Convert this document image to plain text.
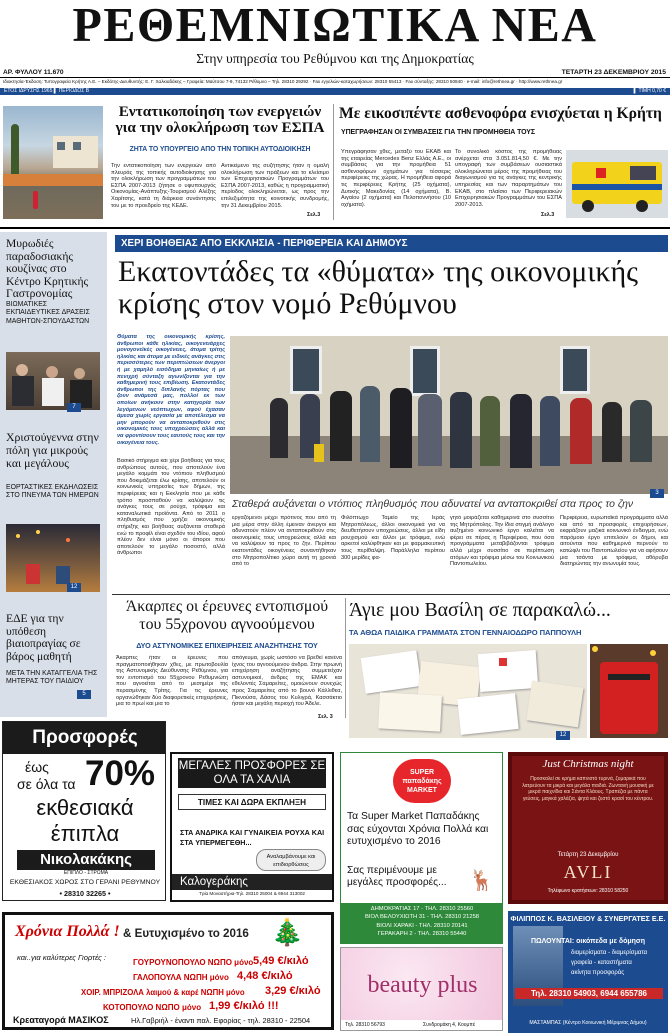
ΡΕΘΕΜΝΙΩΤΙΚΑ ΝΕΑ
Στην υπηρεσία του Ρεθύμνου και της Δημοκρατίας
ΑΡ. ΦΥΛΛΟΥ 11.670	ΤΕΤΑΡΤΗ 23 ΔΕΚΕΜΒΡΙΟΥ 2015
Ιδιοκτησία-Έκδοση: Τυπογραφεία Κρήτης Α.Ε. – Εκδότης-Διευθυντής: Ε. Γ. Χαλκιαδάκης – Γραφεία: Μαύτσου 7-9, 74132 Ρέθυμνο – Τηλ. 28310 29292 · Fax εγγελιών-καταχωρήσεων: 28310 55413 · Fax σύνταξης: 28310 50840 · e-mail: info@rethnea.gr · http://www.rethnea.gr
ΕΤΟΣ ΙΔΡΥΣΗΣ 1965 ▌ ΠΕΡΙΟΔΟΣ Β	▌ ΤΙΜΗ 0,70 €
Εντατικοποίηση των ενεργειών για την ολοκλήρωση των ΕΣΠΑ
ΖΗΤΑ ΤΟ ΥΠΟΥΡΓΕΙΟ ΑΠΟ ΤΗΝ ΤΟΠΙΚΗ ΑΥΤΟΔΙΟΙΚΗΣΗ
Την εντατικοποίηση των ενεργειών από πλευράς της τοπικής αυτοδιοίκησης για την ολοκλήρωση των προγραμμάτων του ΕΣΠΑ 2007-2013 ζήτησε ο υφυπουργός Οικονομίας-Ανάπτυξης-Τουρισμού Αλέξης Χαρίτσης, κατά τη διάρκεια συνάντησης του με το προεδρείο της ΚΕΔΕ.
Αντικείμενο της συζήτησης ήταν η ομαλή ολοκλήρωση των πράξεων και το κλείσιμο των Επιχειρησιακών Προγραμμάτων του ΕΣΠΑ 2007-2013, καθώς η προγραμματική περίοδος ολοκληρώνεται, ως προς την επιλεξιμότητα της κοινοτικής συνδρομής, την 31 Δεκεμβρίου 2015.
Σελ.3
Με εικοσιπέντε ασθενοφόρα ενισχύεται η Κρήτη
ΥΠΕΓΡΑΦΗΣΑΝ ΟΙ ΣΥΜΒΑΣΕΙΣ ΓΙΑ ΤΗΝ ΠΡΟΜΗΘΕΙΑ ΤΟΥΣ
Υπεγράφησαν χθες, μεταξύ του ΕΚΑΒ και της εταιρείας Mercedes Benz Ελλάς Α.Ε., οι συμβάσεις για την προμήθεια 51 ασθενοφόρων οχημάτων για τέσσερις περιφέρειες της χώρας. Η προμήθεια αφορά τις περιφέρειες Κρήτης (25 οχήματα), Δυτικής Μακεδονίας (14 οχήματα), Β. Αιγαίου (2 οχήματα) και Πελοποννήσου (10 οχήματα).
Το συνολικό κόστος της προμήθειας ανέρχεται στα 3.051.814,50 €. Με την υπογραφή των συμβάσεων ουσιαστικά ολοκληρώνεται μέρος της προμήθειας του διαγωνισμού για τις ανάγκες της κεντρικής υπηρεσίας και των παραρτημάτων του ΕΚΑΒ, στο πλαίσιο των Περιφερειακών Επιχειρησιακών Προγραμμάτων του ΕΣΠΑ 2007-2013.
Σελ.3
Μυρωδιές παραδοσιακής κουζίνας στο Κέντρο Κρητικής Γαστρονομίας
ΒΙΩΜΑΤΙΚΕΣ ΕΚΠΑΙΔΕΥΤΙΚΕΣ ΔΡΑΣΕΙΣ ΜΑΘΗΤΩΝ-ΣΠΟΥΔΑΣΤΩΝ
7
Χριστούγεννα στην πόλη για μικρούς και μεγάλους
ΕΟΡΤΑΣΤΙΚΕΣ ΕΚΔΗΛΩΣΕΙΣ ΣΤΟ ΠΝΕΥΜΑ ΤΩΝ ΗΜΕΡΩΝ
12
ΕΔΕ για την υπόθεση βιαιοπραγίας σε βάρος μαθητή
ΜΕΤΑ ΤΗΝ ΚΑΤΑΓΓΕΛΙΑ ΤΗΣ ΜΗΤΕΡΑΣ ΤΟΥ ΠΑΙΔΙΟΥ
5
ΧΕΡΙ ΒΟΗΘΕΙΑΣ ΑΠΟ ΕΚΚΛΗΣΙΑ - ΠΕΡΙΦΕΡΕΙΑ ΚΑΙ ΔΗΜΟΥΣ
Εκατοντάδες τα «θύματα» της οικονομικής κρίσης στον νομό Ρεθύμνου
Θύματα της οικονομικής κρίσης, άνθρωποι κάθε ηλικίας, οικογενειάρχες μονογονεϊκές οικογένειες, άτομα τρίτης ηλικίας και άτομα με ειδικές ανάγκες στις περισσότερες των περιπτώσεων άνεργοι ή με χαμηλό εισόδημα μηνιαίως ή με πενιχρή σύνταξη αγωνίζονται για την καθημερινή τους επιβίωση. Εκατοντάδες άνθρωποι της διπλανής πόρτας που ζουν ανάμεσά μας, πολλοί εκ των οποίων ανήκουν στην κατηγορία των λεγόμενων νεόπτωχων, αφού έχασαν άμεσα χωρίς εργασία με αποτέλεσμα να μην μπορούν να ανταποκριθούν στις οικονομικές τους υποχρεώσεις αλλά και να φροντίσουν τους εαυτούς τους και την οικογένεια τους.
Βασικό στήριγμα και χέρι βοήθειας για τους ανθρώπους αυτούς, που αποτελούν ένα μεγάλο κομμάτι του ντόπιου πληθυσμού που δοκιμάζεται έλω κρίσης, αποτελούν οι κοινωνικές υπηρεσίες των δήμων, της περιφέρειας και η Εκκλησία που με κάθε τρόπο προσπαθούν να καλύψουν τις ανάγκες τους σε ρούχα, τρόφιμα και καταναλωτικά προϊόντα. Από το 2011 ο πληθυσμός που χρήζει οικονομικής στήριξης και βοήθειας αυξάνεται σταθερά ενώ το προφίλ είναι σχεδόν του ιδίου, αφού πλέον δεν είναι μόνο οι άποροι που αποτελούν το μεγάλο ποσοστό, αλλά άνθρωποι
Σταθερά αυξάνεται ο ντόπιος πληθυσμός που αδυνατεί να ανταποκριθεί στα προς το ζην
3
εργαζόμενοι μέχρι πρότινος που από τη μια μέρα στην άλλη έμειναν άνεργοι και αδυνατούν πλέον να ανταποκριθούν στις οικονομικές τους υποχρεώσεις αλλά και να καλύψουν τα προς το ζην. Περίπου εκατοντάδες οικογένειες συναντήθηκαν στο Μητροπολίτικο χώρο αυτή τη χρονιά από το
Φιλόπτωχο Ταμείο της Ιεράς Μητροπόλεως, άλλοι οικονομικά για να διευθετήσουν υποχρεώσεις, άλλοι με είδη ρουχισμού και άλλοι με τρόφιμα, ενώ αρκετοί καλύφθηκαν και με φαρμακευτική τους περίθαλψη. Παράλληλα περίπου 300 μερίδες φα-
γητό μοιράζεται καθημερινά στο συσσίτιο της Μητρόπολης. Την ίδια στιγμή ανάλογο αυξημένο κοινωνικό έργο καλείται να φέρει σε πέρας η Περιφέρεια, που όσα προγράμματα μεταβιβάζονται τρόφιμα αλλά μέχρι συσσίτιο σε περίπτωση ατόμων και τρόφιμα μέσω του Κοινωνικού Παντοπωλείου.
Περιφέρεια, ευρωπαϊκά προγράμματα αλλά και από τα προσφορές επιχειρήσεων, εκφράζουν μαζικά κοινωνικό ένδειγμα, ενώ παρόμοιο έργο επιτελούν οι δήμοι, και αιτούνται που καθημερινά περνούν το κατώφλι του Παντοπωλείου για να αφήσουν μια τσάντα με τρόφιμα, αθόρυβα διατηρώντας την ανωνυμία τους.
Άκαρπες οι έρευνες εντοπισμού του 55χρονου αγνοούμενου
ΔΥΟ ΑΣΤΥΝΟΜΙΚΕΣ ΕΠΙΧΕΙΡΗΣΕΙΣ ΑΝΑΖΗΤΗΣΗΣ ΤΟΥ
Άκαρπες ήταν οι έρευνες που πραγματοποιήθηκαν χθες, με πρωτοβουλία της Αστυνομικής Διεύθυνσης Ρεθύμνου, για τον εντοπισμό του 55χρονου Ρεθυμνιώτη που αγνοείται από το μεσημέρι της περασμένης Τρίτης. Για τις έρευνες οργανώθηκαν δύο διαφορετικές επιχειρήσεις, μια το πρωί και μια το
απόγευμα, χωρίς ωστόσο να βρεθεί κανένα ίχνος του αγνοούμενου άνδρα. Στην πρωινή επιχείρηση αναζήτησης συμμετείχαν αστυνομικοί, άνδρες της ΕΜΑΚ και εθελοντές Σαμαρείτες, ομοιώνουν συνεχώς προς Σαμαρείτες από το βουνό Κάλλιθεα, Πικνούσα, Δάσος του Κυλιγρά, Κασσάκτιο ήσαν και μεγάλη περιοχή του Άδελε.
Σελ. 3
Άγιε μου Βασίλη σε παρακαλώ...
ΤΑ ΑΘΩΑ ΠΑΙΔΙΚΑ ΓΡΑΜΜΑΤΑ ΣΤΟΝ ΓΕΝΝΑΙΟΔΩΡΟ ΠΑΠΠΟΥΛΗ
12
Προσφορές
έως
σε όλα τα 70%
εκθεσιακά
έπιπλα
Νικολακάκης
ΕΠΙΠΛΟ - ΣΤΡΩΜΑ
ΕΚΘΕΣΙΑΚΟΣ ΧΩΡΟΣ ΣΤΟ ΓΕΡΑΝΙ ΡΕΘΥΜΝΟΥ
• 28310 32265 •
ΜΕΓΑΛΕΣ ΠΡΟΣΦΟΡΕΣ ΣΕ ΟΛΑ ΤΑ ΧΑΛΙΑ
ΤΙΜΕΣ ΚΑΙ ΔΩΡΑ ΕΚΠΛΗΞΗ
ΣΤΑ ΑΝΔΡΙΚΑ ΚΑΙ ΓΥΝΑΙΚΕΙΑ ΡΟΥΧΑ ΚΑΙ ΣΤΑ ΥΠΕΡΜΕΓΕΘΗ...
Αναλαμβάνουμε και επιδιορθώσεις
Καλογεράκης
Τρία Μοναστήρια-Τηλ. 28310 25004 & 6944 313002
SUPER παπαδάκης MARKET
Τα Super Market Παπαδάκης σας εύχονται Χρόνια Πολλά και ευτυχισμένο το 2016
Σας περιμένουμε με μεγάλες προσφορές...	🦌
ΔΗΜΟΚΡΑΤΙΑΣ 17 - ΤΗΛ. 28310 25560
ΒΙΟΛ ΒΕΛΟΥΧΙΩΤΗ 31 - ΤΗΛ. 28310 21258
ΒΙΟΛΙ ΧΑΡΑΚΙ - ΤΗΛ. 28310 20141
ΓΕΡΑΚΑΡΗ 2 - ΤΗΛ. 28310 55440
Just Christmas night
Προσκαλεί σε κρήμα καπνιστό τυρινά, ζυμαρικά που λατρεύουν τα μικρά και μεγάλα παιδιά. Ζωντανή μουσική με μικρά παιχνίδια και Σάντα Κλάους. Τραπέζια με πάντα γεύσεις, μαγικά χαλάζια, ψητά και ζεστό κρασί του κέντρου.
Τετάρτη 23 Δεκεμβρίου
AVLI
Τηλέφωνο κρατήσεων: 28310 58250
Χρόνια Πολλά ! & Ευτυχισμένο το 2016 🎄
και..για καλύτερες Γιορτές :
ΓΟΥΡΟΥΝΟΠΟΥΛΟ ΝΩΠΟ μόνο 5,49 €/κιλό
ΓΑΛΟΠΟΥΛΑ ΝΩΠΗ μόνο 4,48 €/κιλό
ΧΟΙΡ. ΜΠΡΙΖΟΛΑ λαιμού & καρέ ΝΩΠΗ μόνο 3,29 €/κιλό
ΚΟΤΟΠΟΥΛΟ ΝΩΠΟ μόνο 1,99 €/κιλό !!!
Κρεαταγορά ΜΑΣΙΚΟΣ	Ηλ.Γαβριήλ - έναντι παλ. Εφορίας - τηλ. 28310 - 22504
beauty plus
Τηλ. 28310 56793	Συνδρομάκη 4, Κουμπέ
ΦΙΛΙΠΠΟΣ Κ. ΒΑΣΙΛΕΙΟΥ & ΣΥΝΕΡΓΑΤΕΣ Ε.Ε.
ΠΩΛΟΥΝΤΑΙ: οικόπεδα με δόμηση
διαμερίσματα - διαμερίσματα
γραφεία - καταστήματα
ακίνητα προσφοράς
Τηλ. 28310 54903, 6944 655786
ΜΑΣΤΑΜΠΑΣ (Κέντρο Κοινωνική Μέριμνας Δήμου)
